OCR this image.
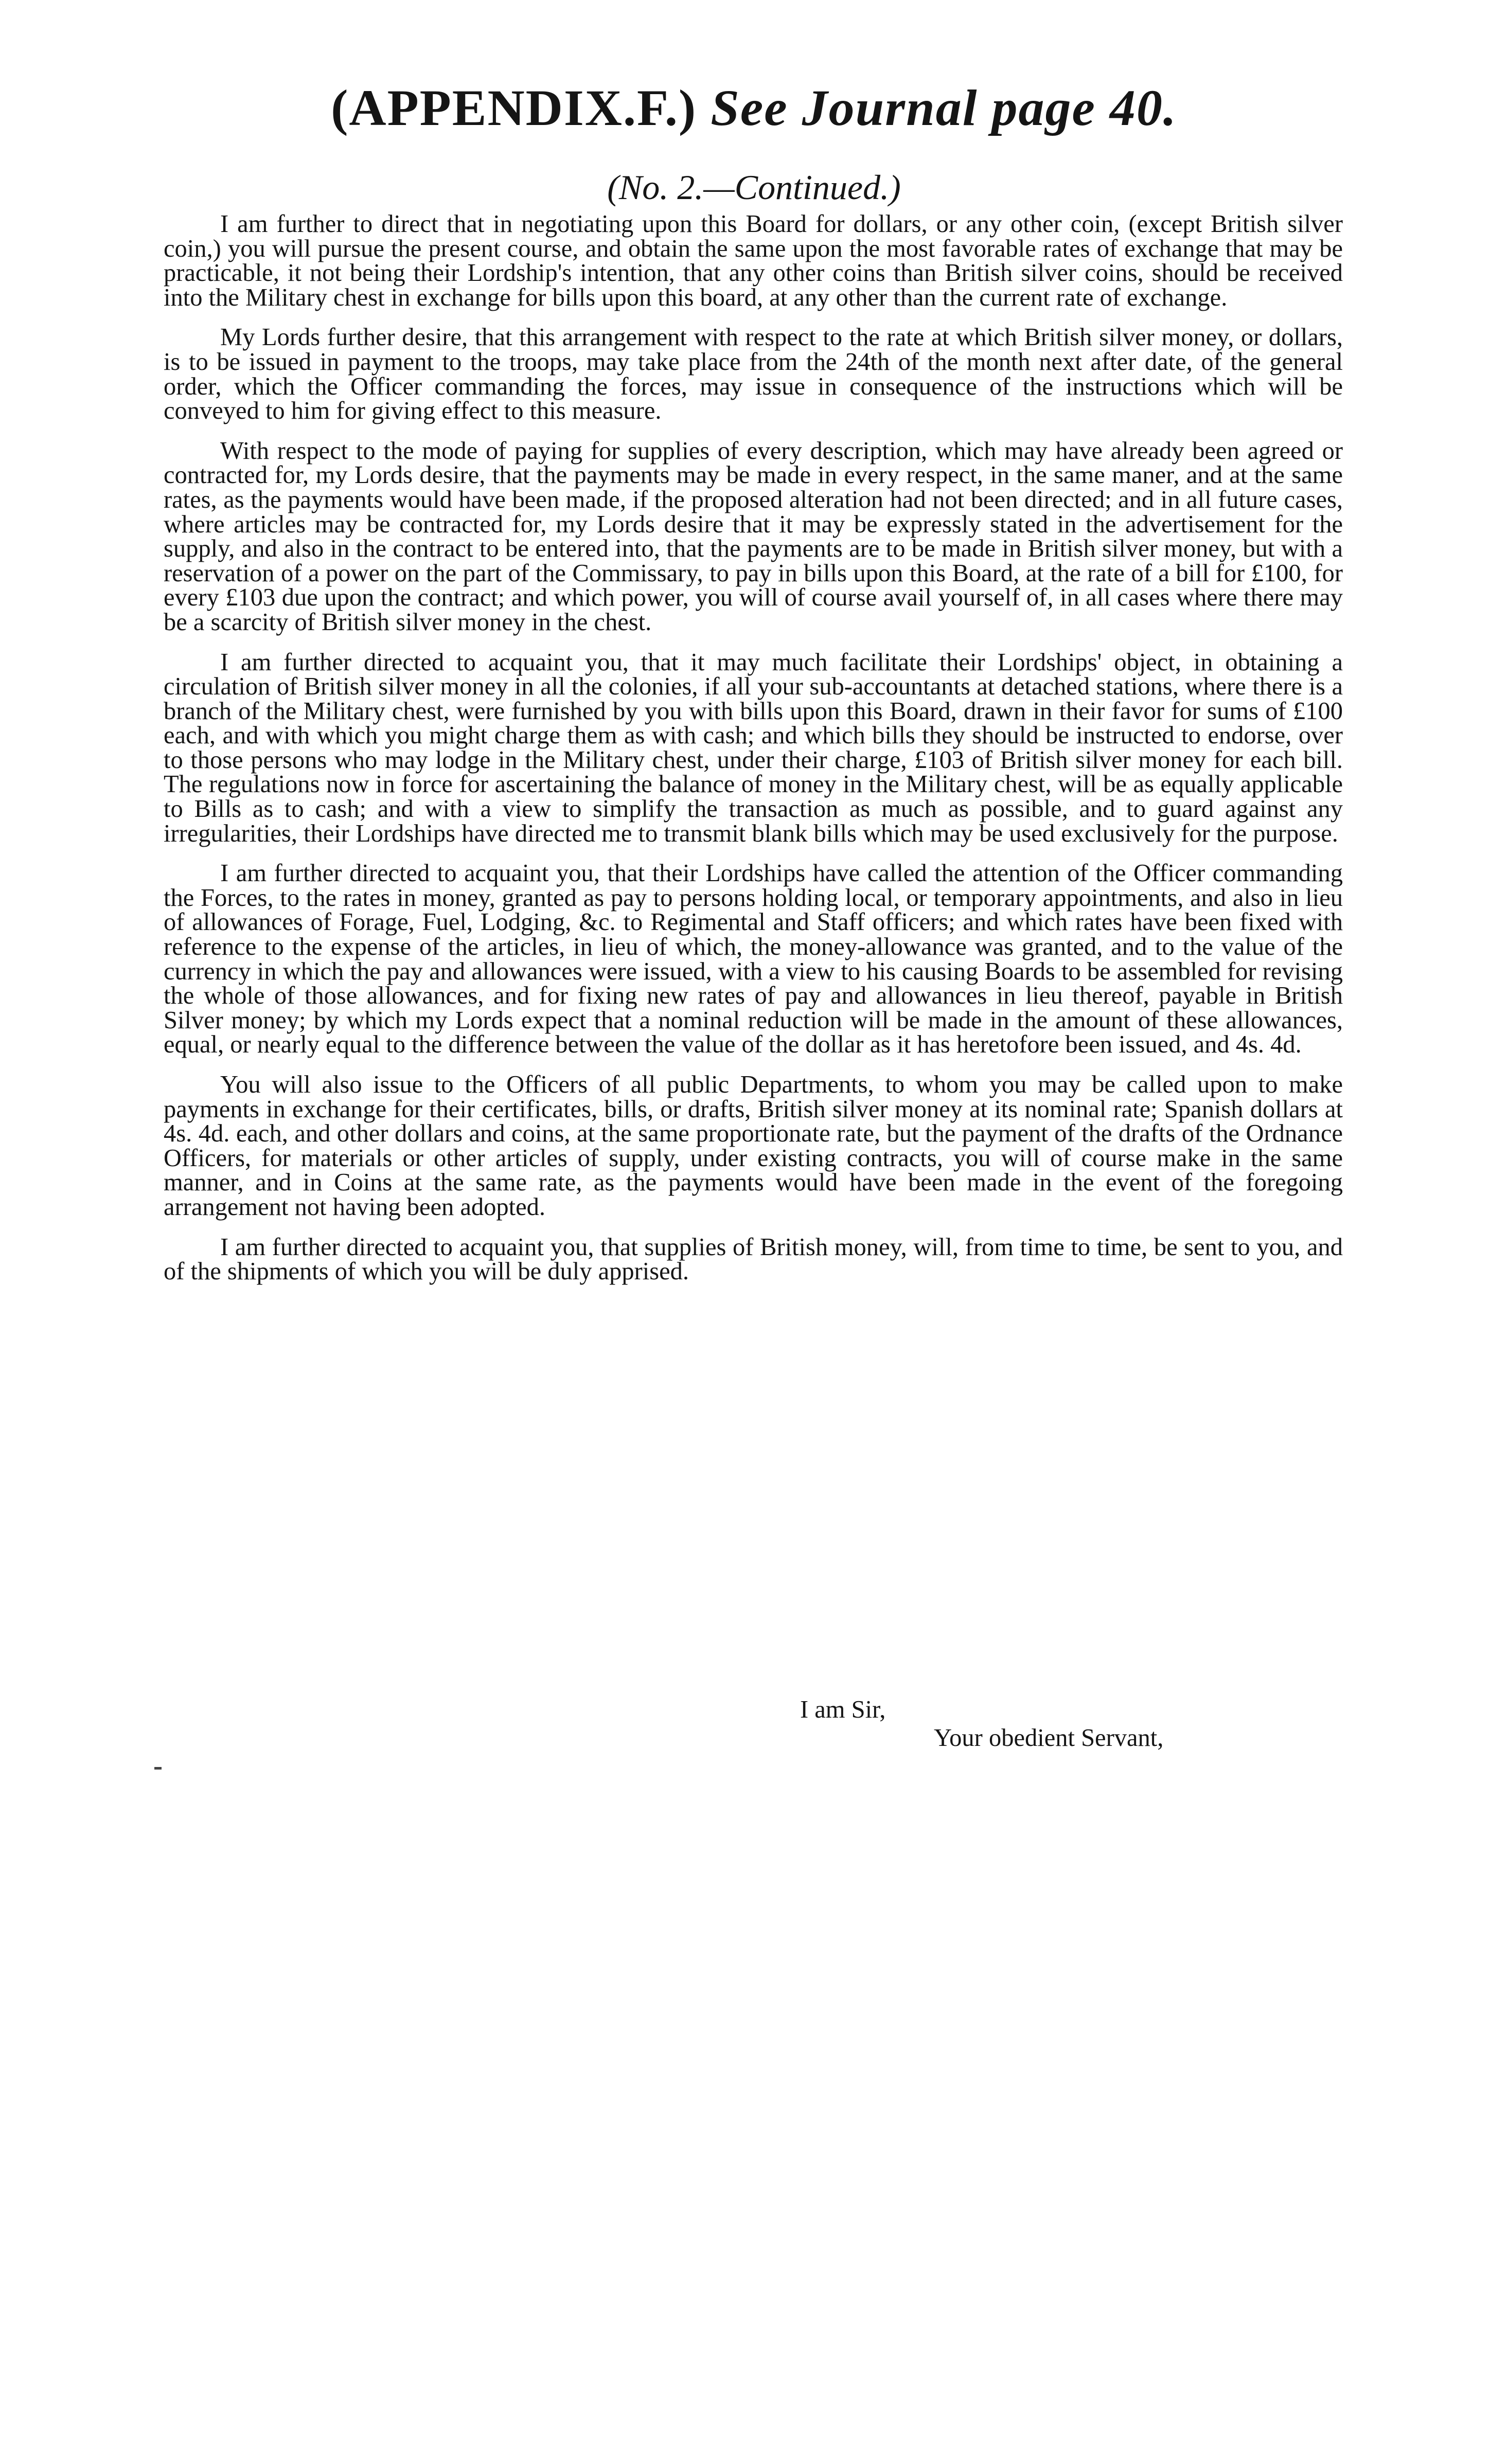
(APPENDIX.F.) See Journal page 40.
(No. 2.—Continued.)

I am further to direct that in negotiating upon this Board for dollars, or any other coin, (except British silver coin,) you will pursue the present course, and obtain the same upon the most favorable rates of exchange that may be practicable, it not being their Lordship's intention, that any other coins than British silver coins, should be received into the Military chest in exchange for bills upon this board, at any other than the current rate of exchange.

My Lords further desire, that this arrangement with respect to the rate at which British silver money, or dollars, is to be issued in payment to the troops, may take place from the 24th of the month next after date, of the general order, which the Officer commanding the forces, may issue in consequence of the instructions which will be conveyed to him for giving effect to this measure.

With respect to the mode of paying for supplies of every description, which may have already been agreed or contracted for, my Lords desire, that the payments may be made in every respect, in the same maner, and at the same rates, as the payments would have been made, if the proposed alteration had not been directed; and in all future cases, where articles may be contracted for, my Lords desire that it may be expressly stated in the advertisement for the supply, and also in the contract to be entered into, that the payments are to be made in British silver money, but with a reservation of a power on the part of the Commissary, to pay in bills upon this Board, at the rate of a bill for £100, for every £103 due upon the contract; and which power, you will of course avail yourself of, in all cases where there may be a scarcity of British silver money in the chest.

I am further directed to acquaint you, that it may much facilitate their Lordships' object, in obtaining a circulation of British silver money in all the colonies, if all your sub-accountants at detached stations, where there is a branch of the Military chest, were furnished by you with bills upon this Board, drawn in their favor for sums of £100 each, and with which you might charge them as with cash; and which bills they should be instructed to endorse, over to those persons who may lodge in the Military chest, under their charge, £103 of British silver money for each bill. The regulations now in force for ascertaining the balance of money in the Military chest, will be as equally applicable to Bills as to cash; and with a view to simplify the transaction as much as possible, and to guard against any irregularities, their Lordships have directed me to transmit blank bills which may be used exclusively for the purpose.

I am further directed to acquaint you, that their Lordships have called the attention of the Officer commanding the Forces, to the rates in money, granted as pay to persons holding local, or temporary appointments, and also in lieu of allowances of Forage, Fuel, Lodging, &c. to Regimental and Staff officers; and which rates have been fixed with reference to the expense of the articles, in lieu of which, the money-allowance was granted, and to the value of the currency in which the pay and allowances were issued, with a view to his causing Boards to be assembled for revising the whole of those allowances, and for fixing new rates of pay and allowances in lieu thereof, payable in British Silver money; by which my Lords expect that a nominal reduction will be made in the amount of these allowances, equal, or nearly equal to the difference between the value of the dollar as it has heretofore been issued, and 4s. 4d.

You will also issue to the Officers of all public Departments, to whom you may be called upon to make payments in exchange for their certificates, bills, or drafts, British silver money at its nominal rate; Spanish dollars at 4s. 4d. each, and other dollars and coins, at the same proportionate rate, but the payment of the drafts of the Ordnance Officers, for materials or other articles of supply, under existing contracts, you will of course make in the same manner, and in Coins at the same rate, as the payments would have been made in the event of the foregoing arrangement not having been adopted.

I am further directed to acquaint you, that supplies of British money, will, from time to time, be sent to you, and of the shipments of which you will be duly apprised.

I am Sir,
Your obedient Servant,
